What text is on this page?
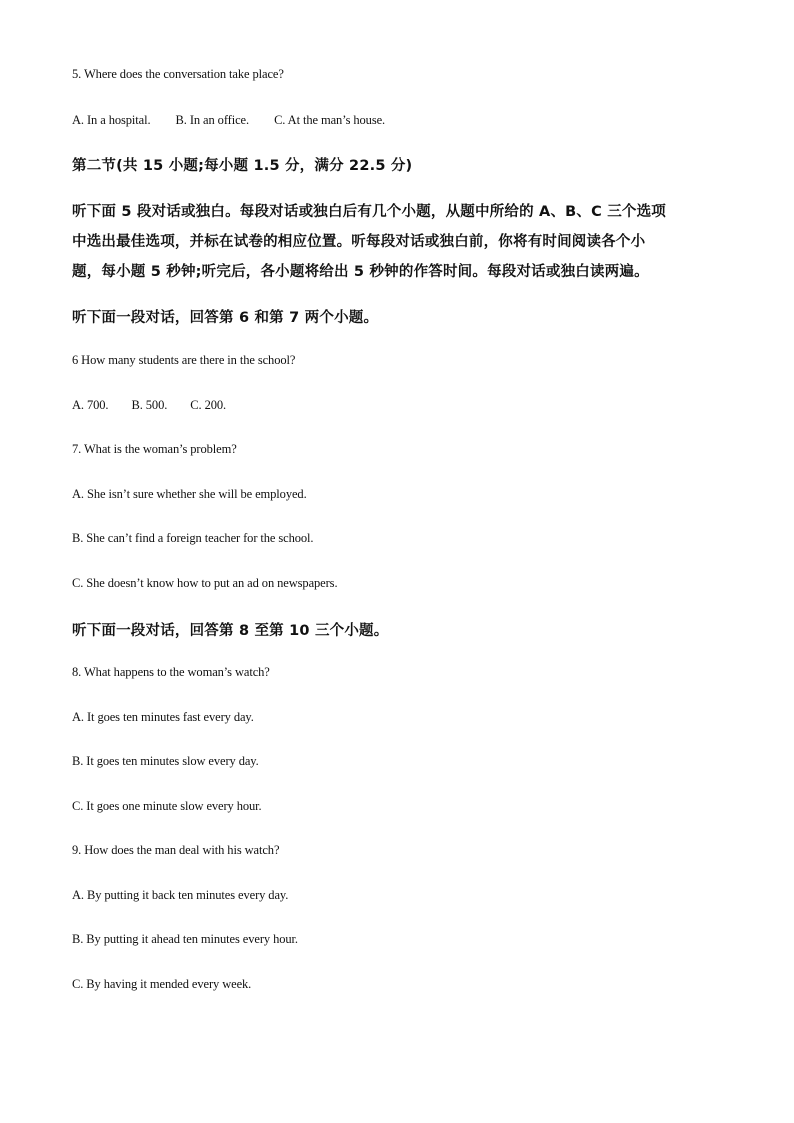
5. Where does the conversation take place?
A. In a hospital. B. In an office. C. At the man’s house.
第二节(共 15 小题;每小题 1.5 分，满分 22.5 分)
听下面 5 段对话或独白。每段对话或独白后有几个小题，从题中所给的 A、B、C 三个选项
中选出最佳选项，并标在试卷的相应位置。听每段对话或独白前，你将有时间阅读各个小
题，每小题 5 秒钟;听完后，各小题将给出 5 秒钟的作答时间。每段对话或独白读两遍。
听下面一段对话，回答第 6 和第 7 两个小题。
6 How many students are there in the school?
A. 700. B. 500. C. 200.
7. What is the woman’s problem?
A. She isn’t sure whether she will be employed.
B. She can’t find a foreign teacher for the school.
C. She doesn’t know how to put an ad on newspapers.
听下面一段对话，回答第 8 至第 10 三个小题。
8. What happens to the woman’s watch?
A. It goes ten minutes fast every day.
B. It goes ten minutes slow every day.
C. It goes one minute slow every hour.
9. How does the man deal with his watch?
A. By putting it back ten minutes every day.
B. By putting it ahead ten minutes every hour.
C. By having it mended every week.
